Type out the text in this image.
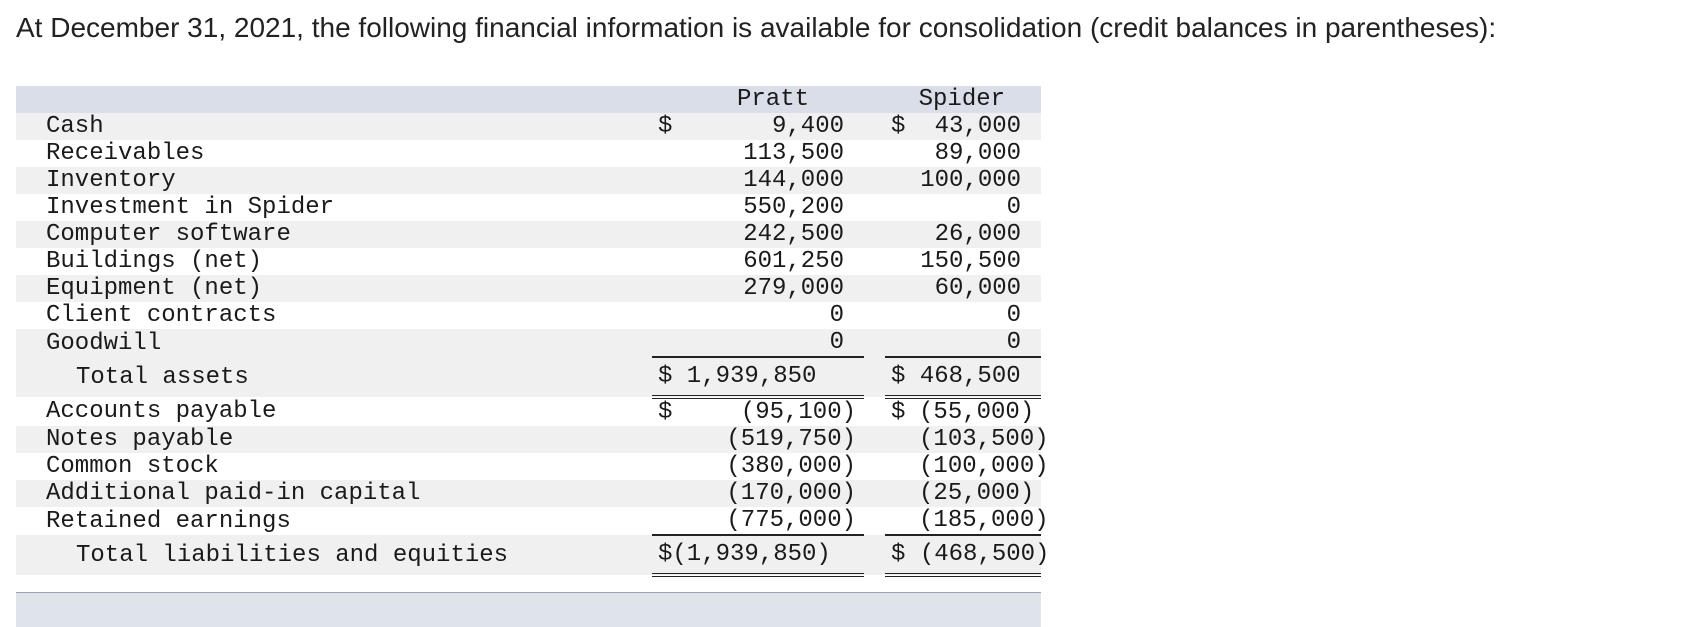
At December 31, 2021, the following financial information is available for consolidation (credit balances in parentheses):
	Pratt			Spider	
Cash	$	9,400		$	43,000
Receivables		113,500			89,000
Inventory		144,000			100,000
Investment in Spider		550,200			0
Computer software		242,500			26,000
Buildings (net)		601,250			150,500
Equipment (net)		279,000			60,000
Client contracts		0			0
Goodwill		0			0
Total assets	$ 1,939,850			$ 468,500	
Accounts payable	$	(95,100)		$	(55,000)
Notes payable		(519,750)			(103,500)
Common stock		(380,000)			(100,000)
Additional paid-in capital		(170,000)			(25,000)
Retained earnings		(775,000)			(185,000)
Total liabilities and equities	$(1,939,850)			$ (468,500)	
